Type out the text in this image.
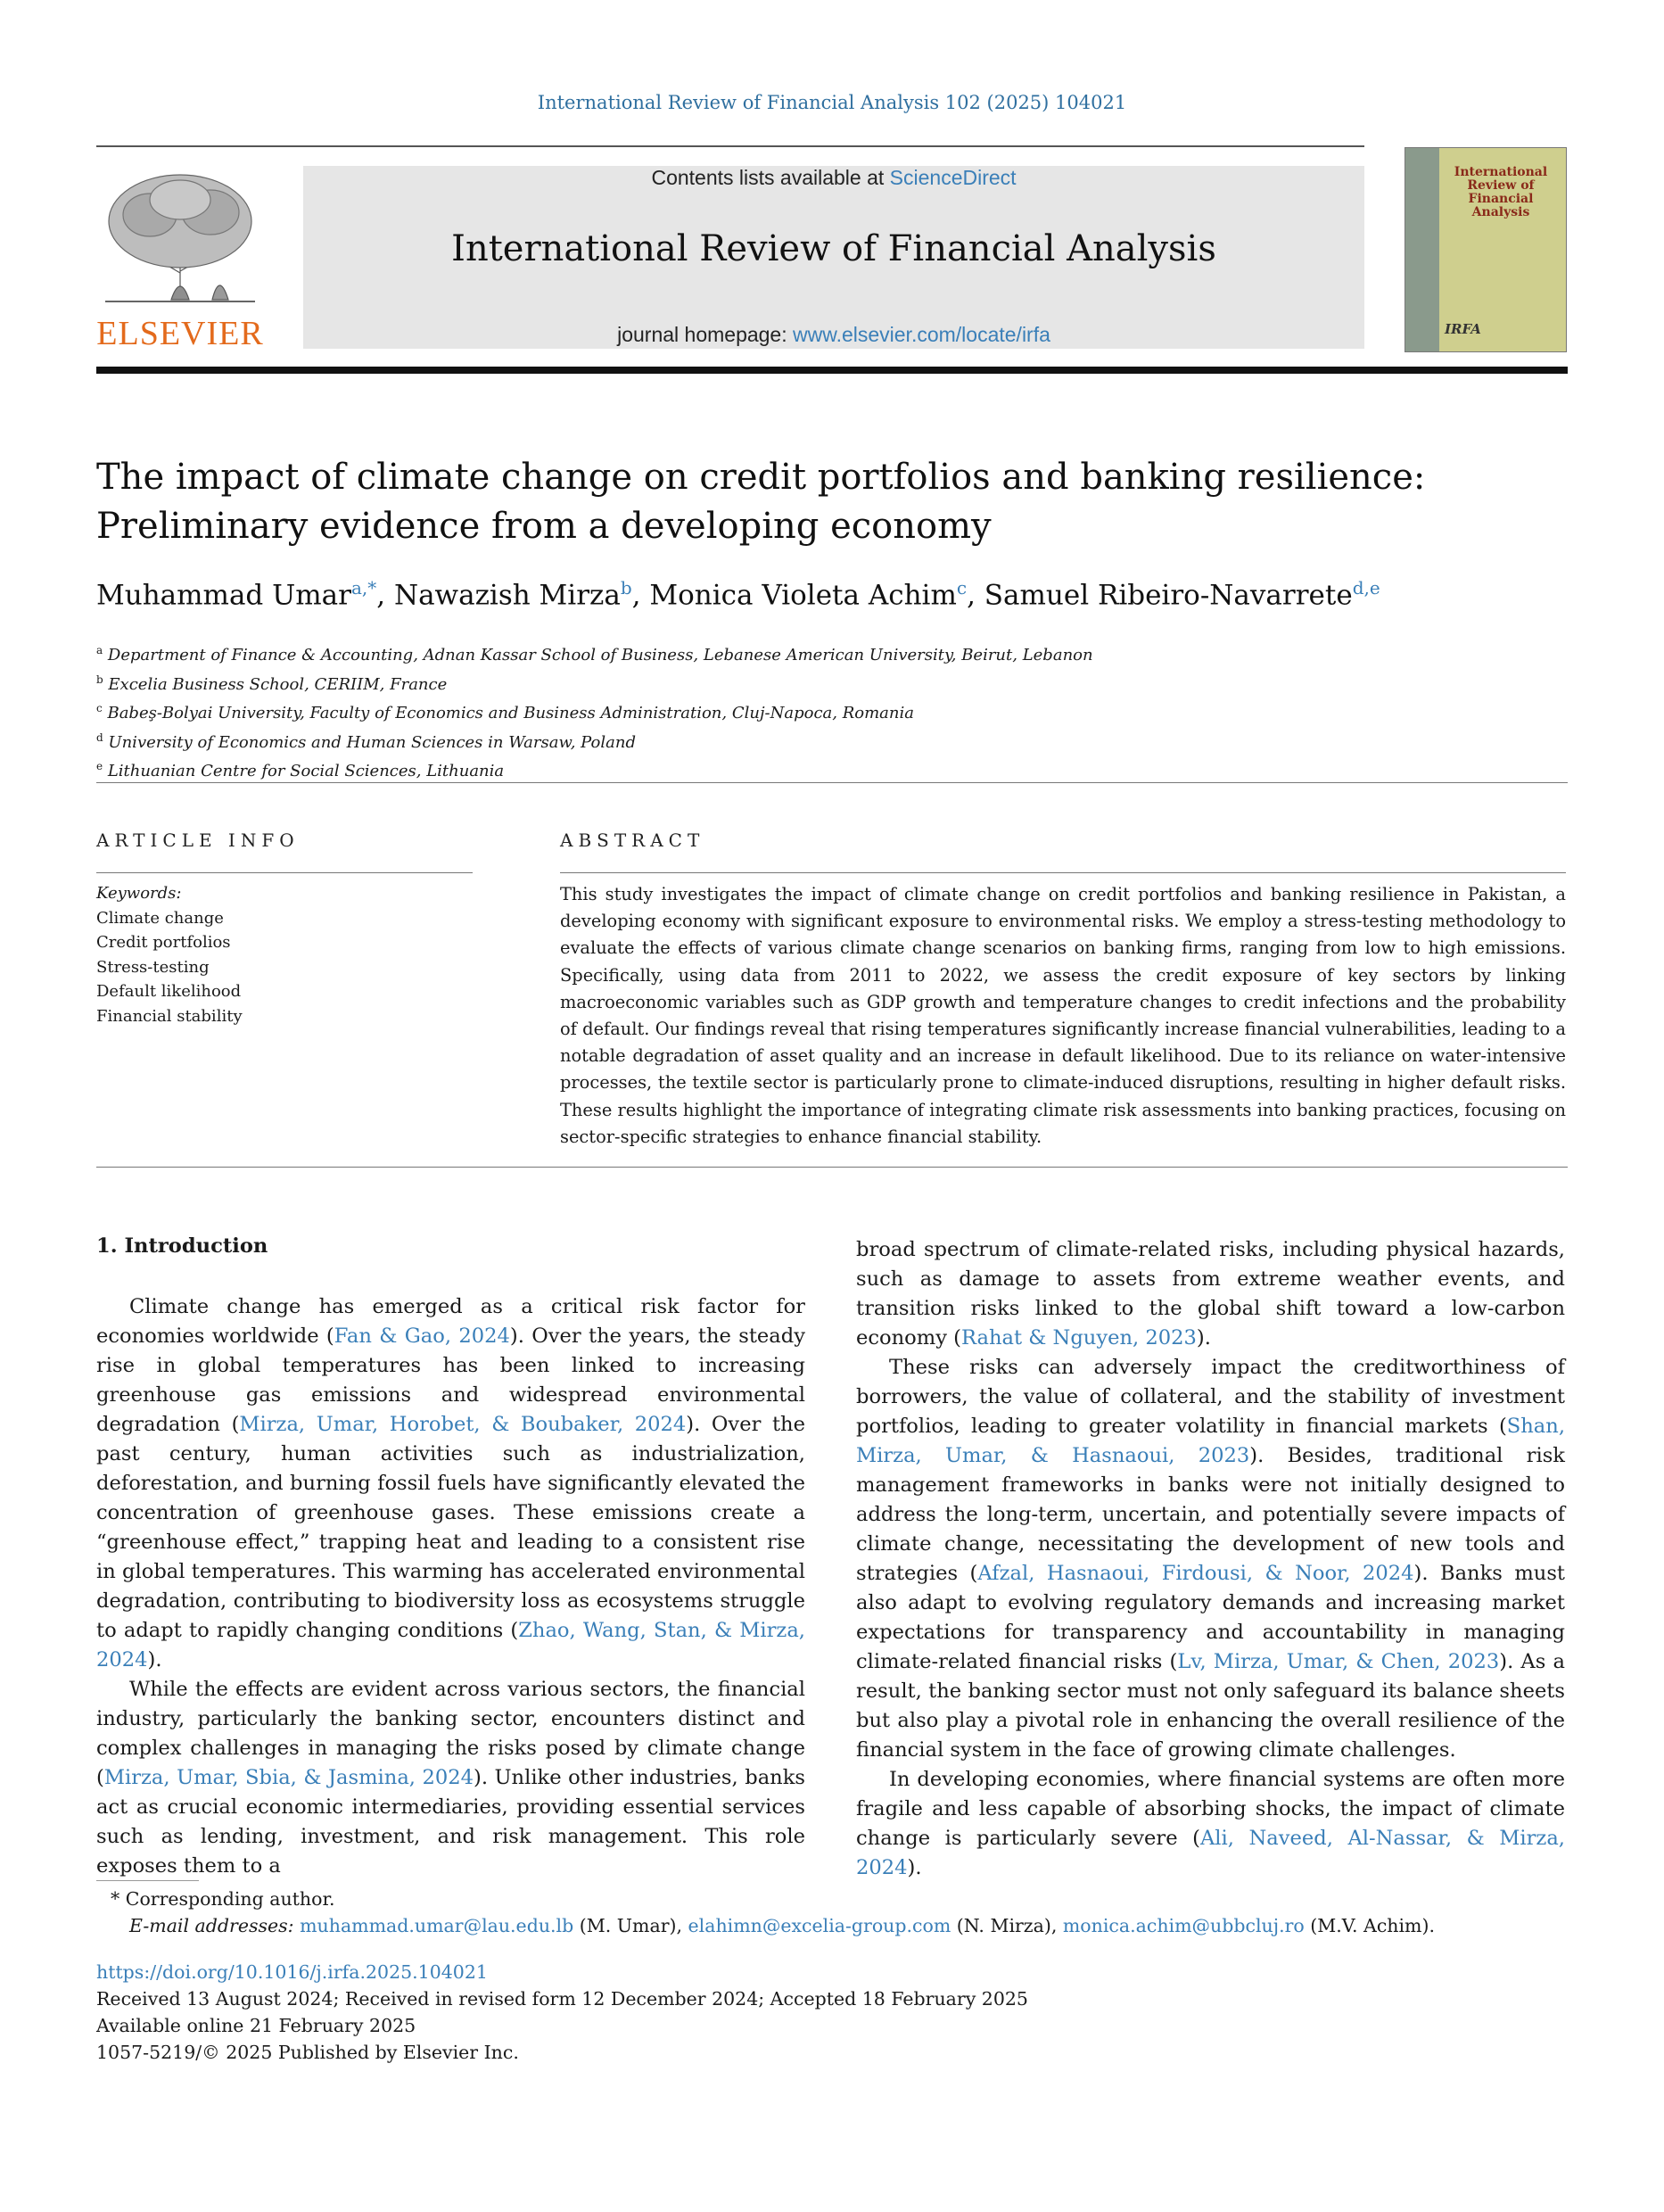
International Review of Financial Analysis 102 (2025) 104021
ELSEVIER
Contents lists available at ScienceDirect
International Review of Financial Analysis
journal homepage: www.elsevier.com/locate/irfa
International Review of Financial Analysis
IRFA
The impact of climate change on credit portfolios and banking resilience:
Preliminary evidence from a developing economy
Muhammad Umar$^{a,*}$, Nawazish Mirza$^b$, Monica Violeta Achim$^c$, Samuel Ribeiro-Navarrete$^{d,e}$
$^a$ Department of Finance & Accounting, Adnan Kassar School of Business, Lebanese American University, Beirut, Lebanon
$^b$ Excelia Business School, CERIIM, France
$^c$ Babeş-Bolyai University, Faculty of Economics and Business Administration, Cluj-Napoca, Romania
$^d$ University of Economics and Human Sciences in Warsaw, Poland
$^e$ Lithuanian Centre for Social Sciences, Lithuania
ARTICLE INFO	ABSTRACT
Keywords:
Climate change
Credit portfolios
Stress-testing
Default likelihood
Financial stability
This study investigates the impact of climate change on credit portfolios and banking resilience in Pakistan, a developing economy with significant exposure to environmental risks. We employ a stress-testing methodology to evaluate the effects of various climate change scenarios on banking firms, ranging from low to high emissions. Specifically, using data from 2011 to 2022, we assess the credit exposure of key sectors by linking macroeconomic variables such as GDP growth and temperature changes to credit infections and the probability of default. Our findings reveal that rising temperatures significantly increase financial vulnerabilities, leading to a notable degradation of asset quality and an increase in default likelihood. Due to its reliance on water-intensive processes, the textile sector is particularly prone to climate-induced disruptions, resulting in higher default risks. These results highlight the importance of integrating climate risk assessments into banking practices, focusing on sector-specific strategies to enhance financial stability.
1. Introduction

Climate change has emerged as a critical risk factor for economies worldwide (Fan & Gao, 2024). Over the years, the steady rise in global temperatures has been linked to increasing greenhouse gas emissions and widespread environmental degradation (Mirza, Umar, Horobet, & Boubaker, 2024). Over the past century, human activities such as industrialization, deforestation, and burning fossil fuels have significantly elevated the concentration of greenhouse gases. These emissions create a “greenhouse effect,” trapping heat and leading to a consistent rise in global temperatures. This warming has accelerated environmental degradation, contributing to biodiversity loss as ecosystems struggle to adapt to rapidly changing conditions (Zhao, Wang, Stan, & Mirza, 2024).

While the effects are evident across various sectors, the financial industry, particularly the banking sector, encounters distinct and complex challenges in managing the risks posed by climate change (Mirza, Umar, Sbia, & Jasmina, 2024). Unlike other industries, banks act as crucial economic intermediaries, providing essential services such as lending, investment, and risk management. This role exposes them to a

broad spectrum of climate-related risks, including physical hazards, such as damage to assets from extreme weather events, and transition risks linked to the global shift toward a low-carbon economy (Rahat & Nguyen, 2023).

These risks can adversely impact the creditworthiness of borrowers, the value of collateral, and the stability of investment portfolios, leading to greater volatility in financial markets (Shan, Mirza, Umar, & Hasnaoui, 2023). Besides, traditional risk management frameworks in banks were not initially designed to address the long-term, uncertain, and potentially severe impacts of climate change, necessitating the development of new tools and strategies (Afzal, Hasnaoui, Firdousi, & Noor, 2024). Banks must also adapt to evolving regulatory demands and increasing market expectations for transparency and accountability in managing climate-related financial risks (Lv, Mirza, Umar, & Chen, 2023). As a result, the banking sector must not only safeguard its balance sheets but also play a pivotal role in enhancing the overall resilience of the financial system in the face of growing climate challenges.

In developing economies, where financial systems are often more fragile and less capable of absorbing shocks, the impact of climate change is particularly severe (Ali, Naveed, Al-Nassar, & Mirza, 2024).

* Corresponding author.
E-mail addresses: muhammad.umar@lau.edu.lb (M. Umar), elahimn@excelia-group.com (N. Mirza), monica.achim@ubbcluj.ro (M.V. Achim).
https://doi.org/10.1016/j.irfa.2025.104021
Received 13 August 2024; Received in revised form 12 December 2024; Accepted 18 February 2025
Available online 21 February 2025
1057-5219/© 2025 Published by Elsevier Inc.
